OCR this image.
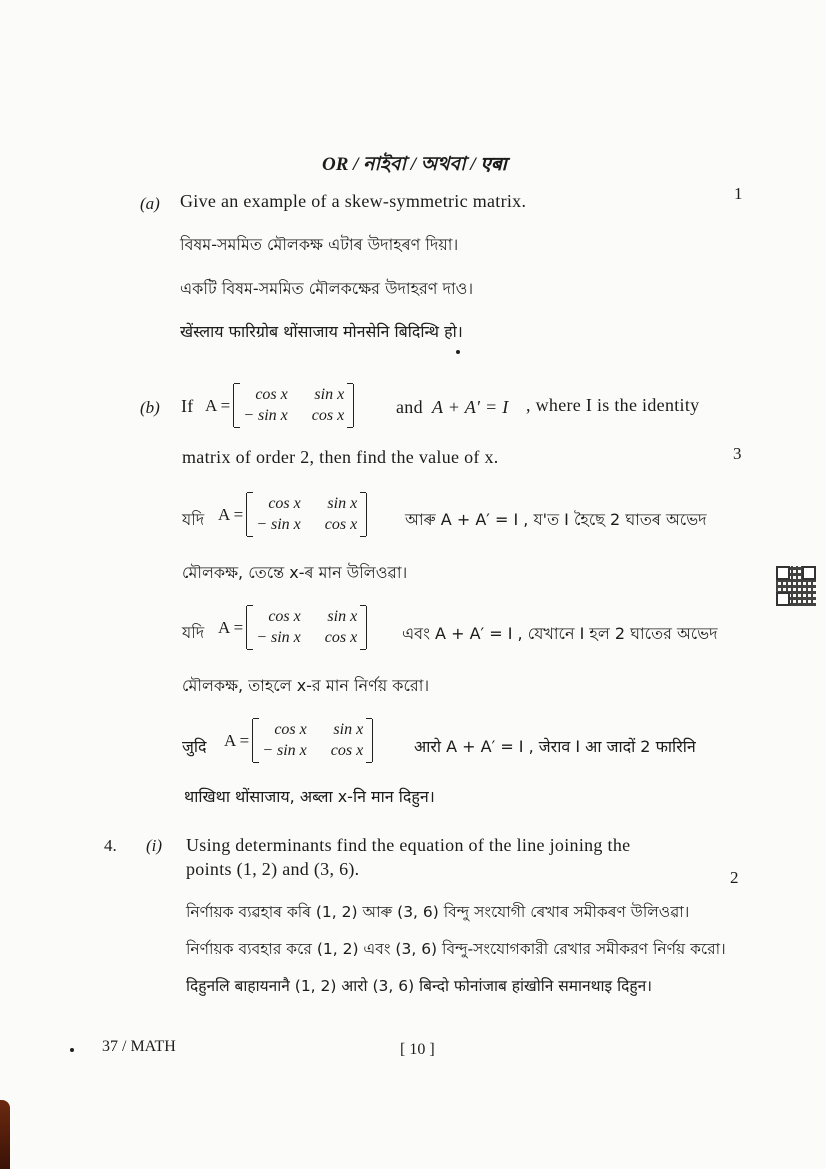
OR / নাইবা / অথবা / एबा
(a) Give an example of a skew-symmetric matrix.	1
বিষম-সমমিত মৌলকক্ষ এটাৰ উদাহৰণ দিয়া।
একটি বিষম-সমমিত মৌলকক্ষের উদাহরণ দাও।
खेंस्लाय फारिग्रोब थोंसाजाय मोनसेनि बिदिन्थि हो।
(b) If A =
cos x sin x
− sin x cos x	and A + A′ = I , where I is the identity
matrix of order 2, then find the value of x.	3
যদি A =
cos x sin x
− sin x cos x	আৰু A + A′ = I , য'ত I হৈছে 2 ঘাতৰ অভেদ
মৌলকক্ষ, তেন্তে x-ৰ মান উলিওৱা।
যদি A =
cos x sin x
− sin x cos x	এবং A + A′ = I , যেখানে I হল 2 ঘাতের অভেদ
মৌলকক্ষ, তাহলে x-র মান নির্ণয় করো।
जुदि A =
cos x sin x
− sin x cos x	आरो A + A′ = I , जेराव I आ जादों 2 फारिनि
थाखिथा थोंसाजाय, अब्ला x-नि मान दिहुन।
4. (i) Using determinants find the equation of the line joining the
points (1, 2) and (3, 6).	2
নির্ণায়ক ব্যৱহাৰ কৰি (1, 2) আৰু (3, 6) বিন্দু সংযোগী ৰেখাৰ সমীকৰণ উলিওৱা।
নির্ণায়ক ব্যবহার করে (1, 2) এবং (3, 6) বিন্দু-সংযোগকারী রেখার সমীকরণ নির্ণয় করো।
दिहुनलि बाहायनानै (1, 2) आरो (3, 6) बिन्दो फोनांजाब हांखोनि समानथाइ दिहुन।
37 / MATH	[ 10 ]
